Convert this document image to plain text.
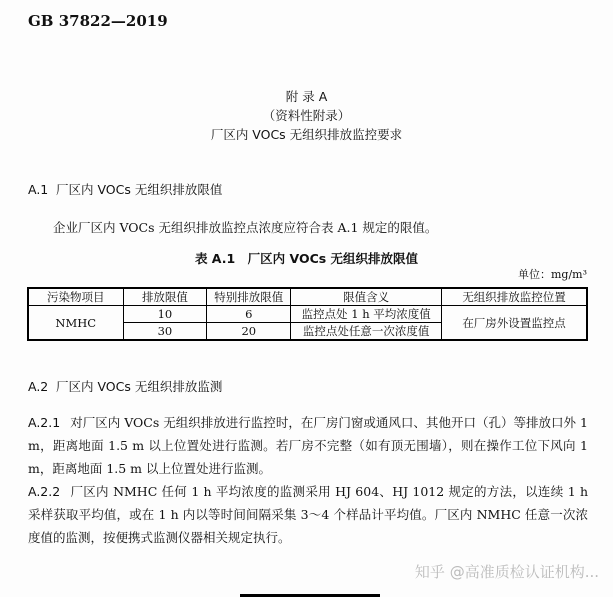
GB 37822—2019
附 录 A
（资料性附录）
厂区内 VOCs 无组织排放监控要求
A.1 厂区内 VOCs 无组织排放限值

企业厂区内 VOCs 无组织排放监控点浓度应符合表 A.1 规定的限值。

表 A.1　厂区内 VOCs 无组织排放限值
单位：mg/m³
污染物项目	排放限值	特别排放限值	限值含义	无组织排放监控位置
NMHC	10	6	监控点处 1 h 平均浓度值	在厂房外设置监控点
	30	20	监控点处任意一次浓度值	
A.2 厂区内 VOCs 无组织排放监测

A.2.1 对厂区内 VOCs 无组织排放进行监控时，在厂房门窗或通风口、其他开口（孔）等排放口外 1 m，距离地面 1.5 m 以上位置处进行监测。若厂房不完整（如有顶无围墙），则在操作工位下风向 1 m，距离地面 1.5 m 以上位置处进行监测。

A.2.2 厂区内 NMHC 任何 1 h 平均浓度的监测采用 HJ 604、HJ 1012 规定的方法，以连续 1 h 采样获取平均值，或在 1 h 内以等时间间隔采集 3～4 个样品计平均值。厂区内 NMHC 任意一次浓度值的监测，按便携式监测仪器相关规定执行。

知乎 @高准质检认证机构...
